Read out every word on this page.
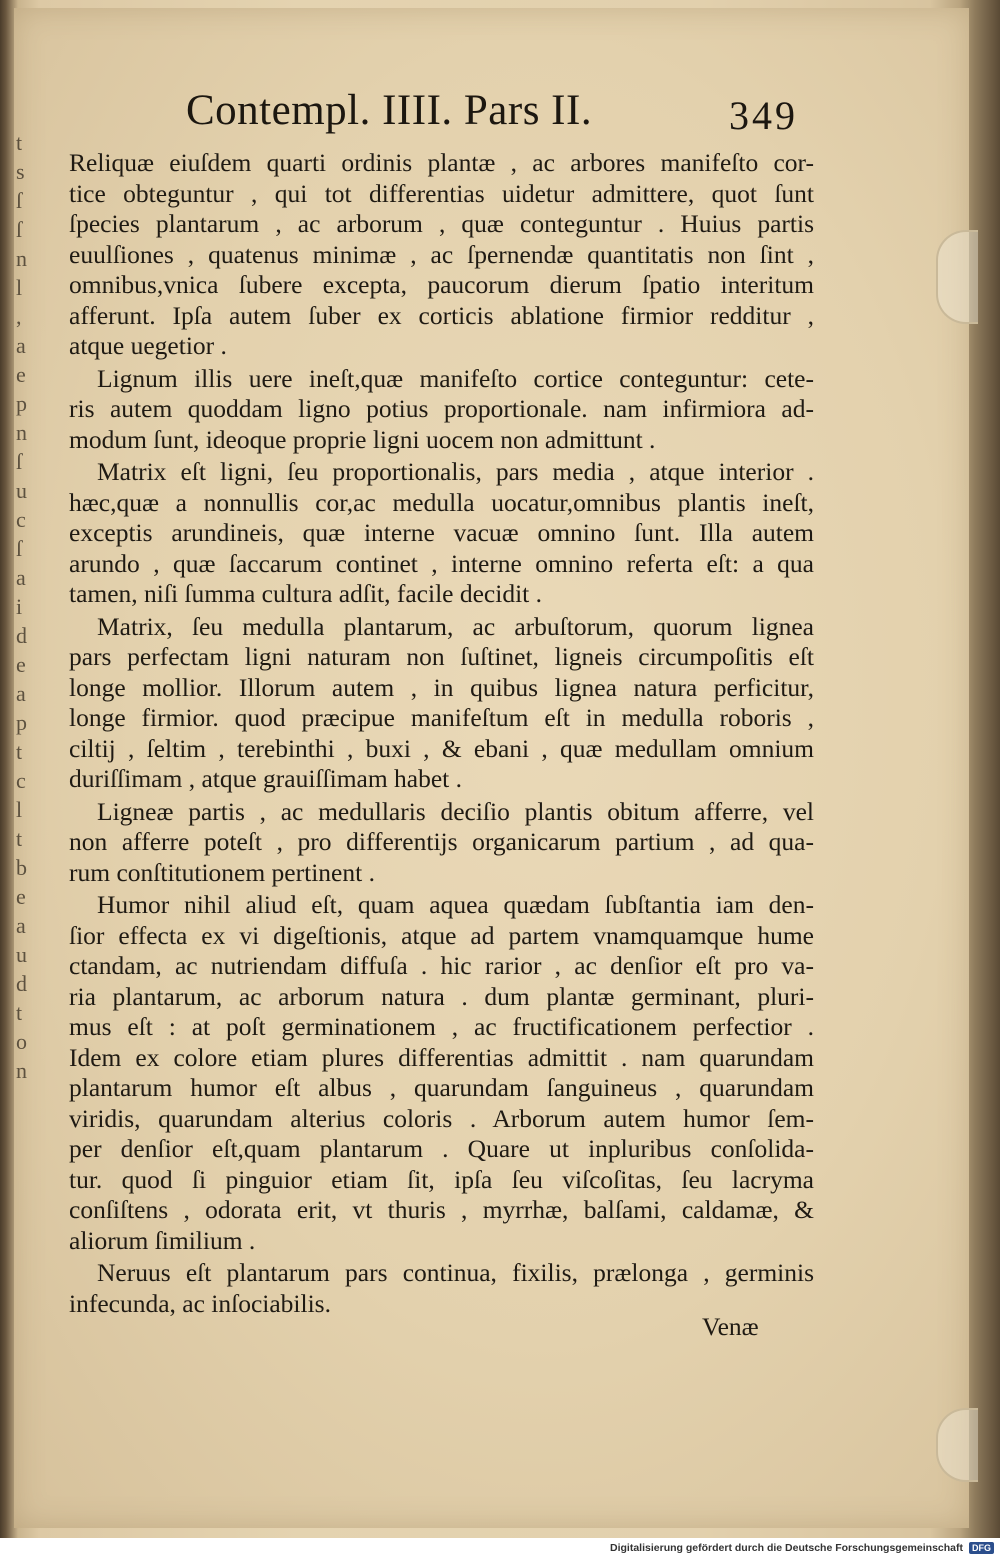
t
s
ſ
ſ
n
l
,
a
e
p
n
ſ
u
c
ſ
a
i
d
e
a
p
t
c
l
t
b
e
a
u
d
t
o
n
Contempl. IIII. Pars II.	349
Reliquæ eiuſdem quarti ordinis plantæ , ac arbores manifeſto cor-
tice obteguntur , qui tot differentias uidetur admittere, quot ſunt
ſpecies plantarum , ac arborum , quæ conteguntur . Huius partis
euulſiones , quatenus minimæ , ac ſpernendæ quantitatis non ſint ,
omnibus,vnica ſubere excepta, paucorum dierum ſpatio interitum
afferunt. Ipſa autem ſuber ex corticis ablatione firmior redditur ,
atque uegetior .
Lignum illis uere ineſt,quæ manifeſto cortice conteguntur: cete-
ris autem quoddam ligno potius proportionale. nam infirmiora ad-
modum ſunt, ideoque proprie ligni uocem non admittunt .
Matrix eſt ligni, ſeu proportionalis, pars media , atque interior .
hæc,quæ a nonnullis cor,ac medulla uocatur,omnibus plantis ineſt,
exceptis arundineis, quæ interne vacuæ omnino ſunt. Illa autem
arundo , quæ ſaccarum continet , interne omnino referta eſt: a qua
tamen, niſi ſumma cultura adſit, facile decidit .
Matrix, ſeu medulla plantarum, ac arbuſtorum, quorum lignea
pars perfectam ligni naturam non ſuſtinet, ligneis circumpoſitis eſt
longe mollior. Illorum autem , in quibus lignea natura perficitur,
longe firmior. quod præcipue manifeſtum eſt in medulla roboris ,
ciltij , ſeltim , terebinthi , buxi , & ebani , quæ medullam omnium
duriſſimam , atque grauiſſimam habet .
Ligneæ partis , ac medullaris deciſio plantis obitum afferre, vel
non afferre poteſt , pro differentijs organicarum partium , ad qua-
rum conſtitutionem pertinent .
Humor nihil aliud eſt, quam aquea quædam ſubſtantia iam den-
ſior effecta ex vi digeſtionis, atque ad partem vnamquamque hume
ctandam, ac nutriendam diffuſa . hic rarior , ac denſior eſt pro va-
ria plantarum, ac arborum natura . dum plantæ germinant, pluri-
mus eſt : at poſt germinationem , ac fructificationem perfectior .
Idem ex colore etiam plures differentias admittit . nam quarundam
plantarum humor eſt albus , quarundam ſanguineus , quarundam
viridis, quarundam alterius coloris . Arborum autem humor ſem-
per denſior eſt,quam plantarum . Quare ut inpluribus conſolida-
tur. quod ſi pinguior etiam ſit, ipſa ſeu viſcoſitas, ſeu lacryma
conſiſtens , odorata erit, vt thuris , myrrhæ, balſami, caldamæ, &
aliorum ſimilium .
Neruus eſt plantarum pars continua, fixilis, prælonga , germinis
infecunda, ac inſociabilis.
Venæ
Digitalisierung gefördert durch die Deutsche Forschungsgemeinschaft	DFG
